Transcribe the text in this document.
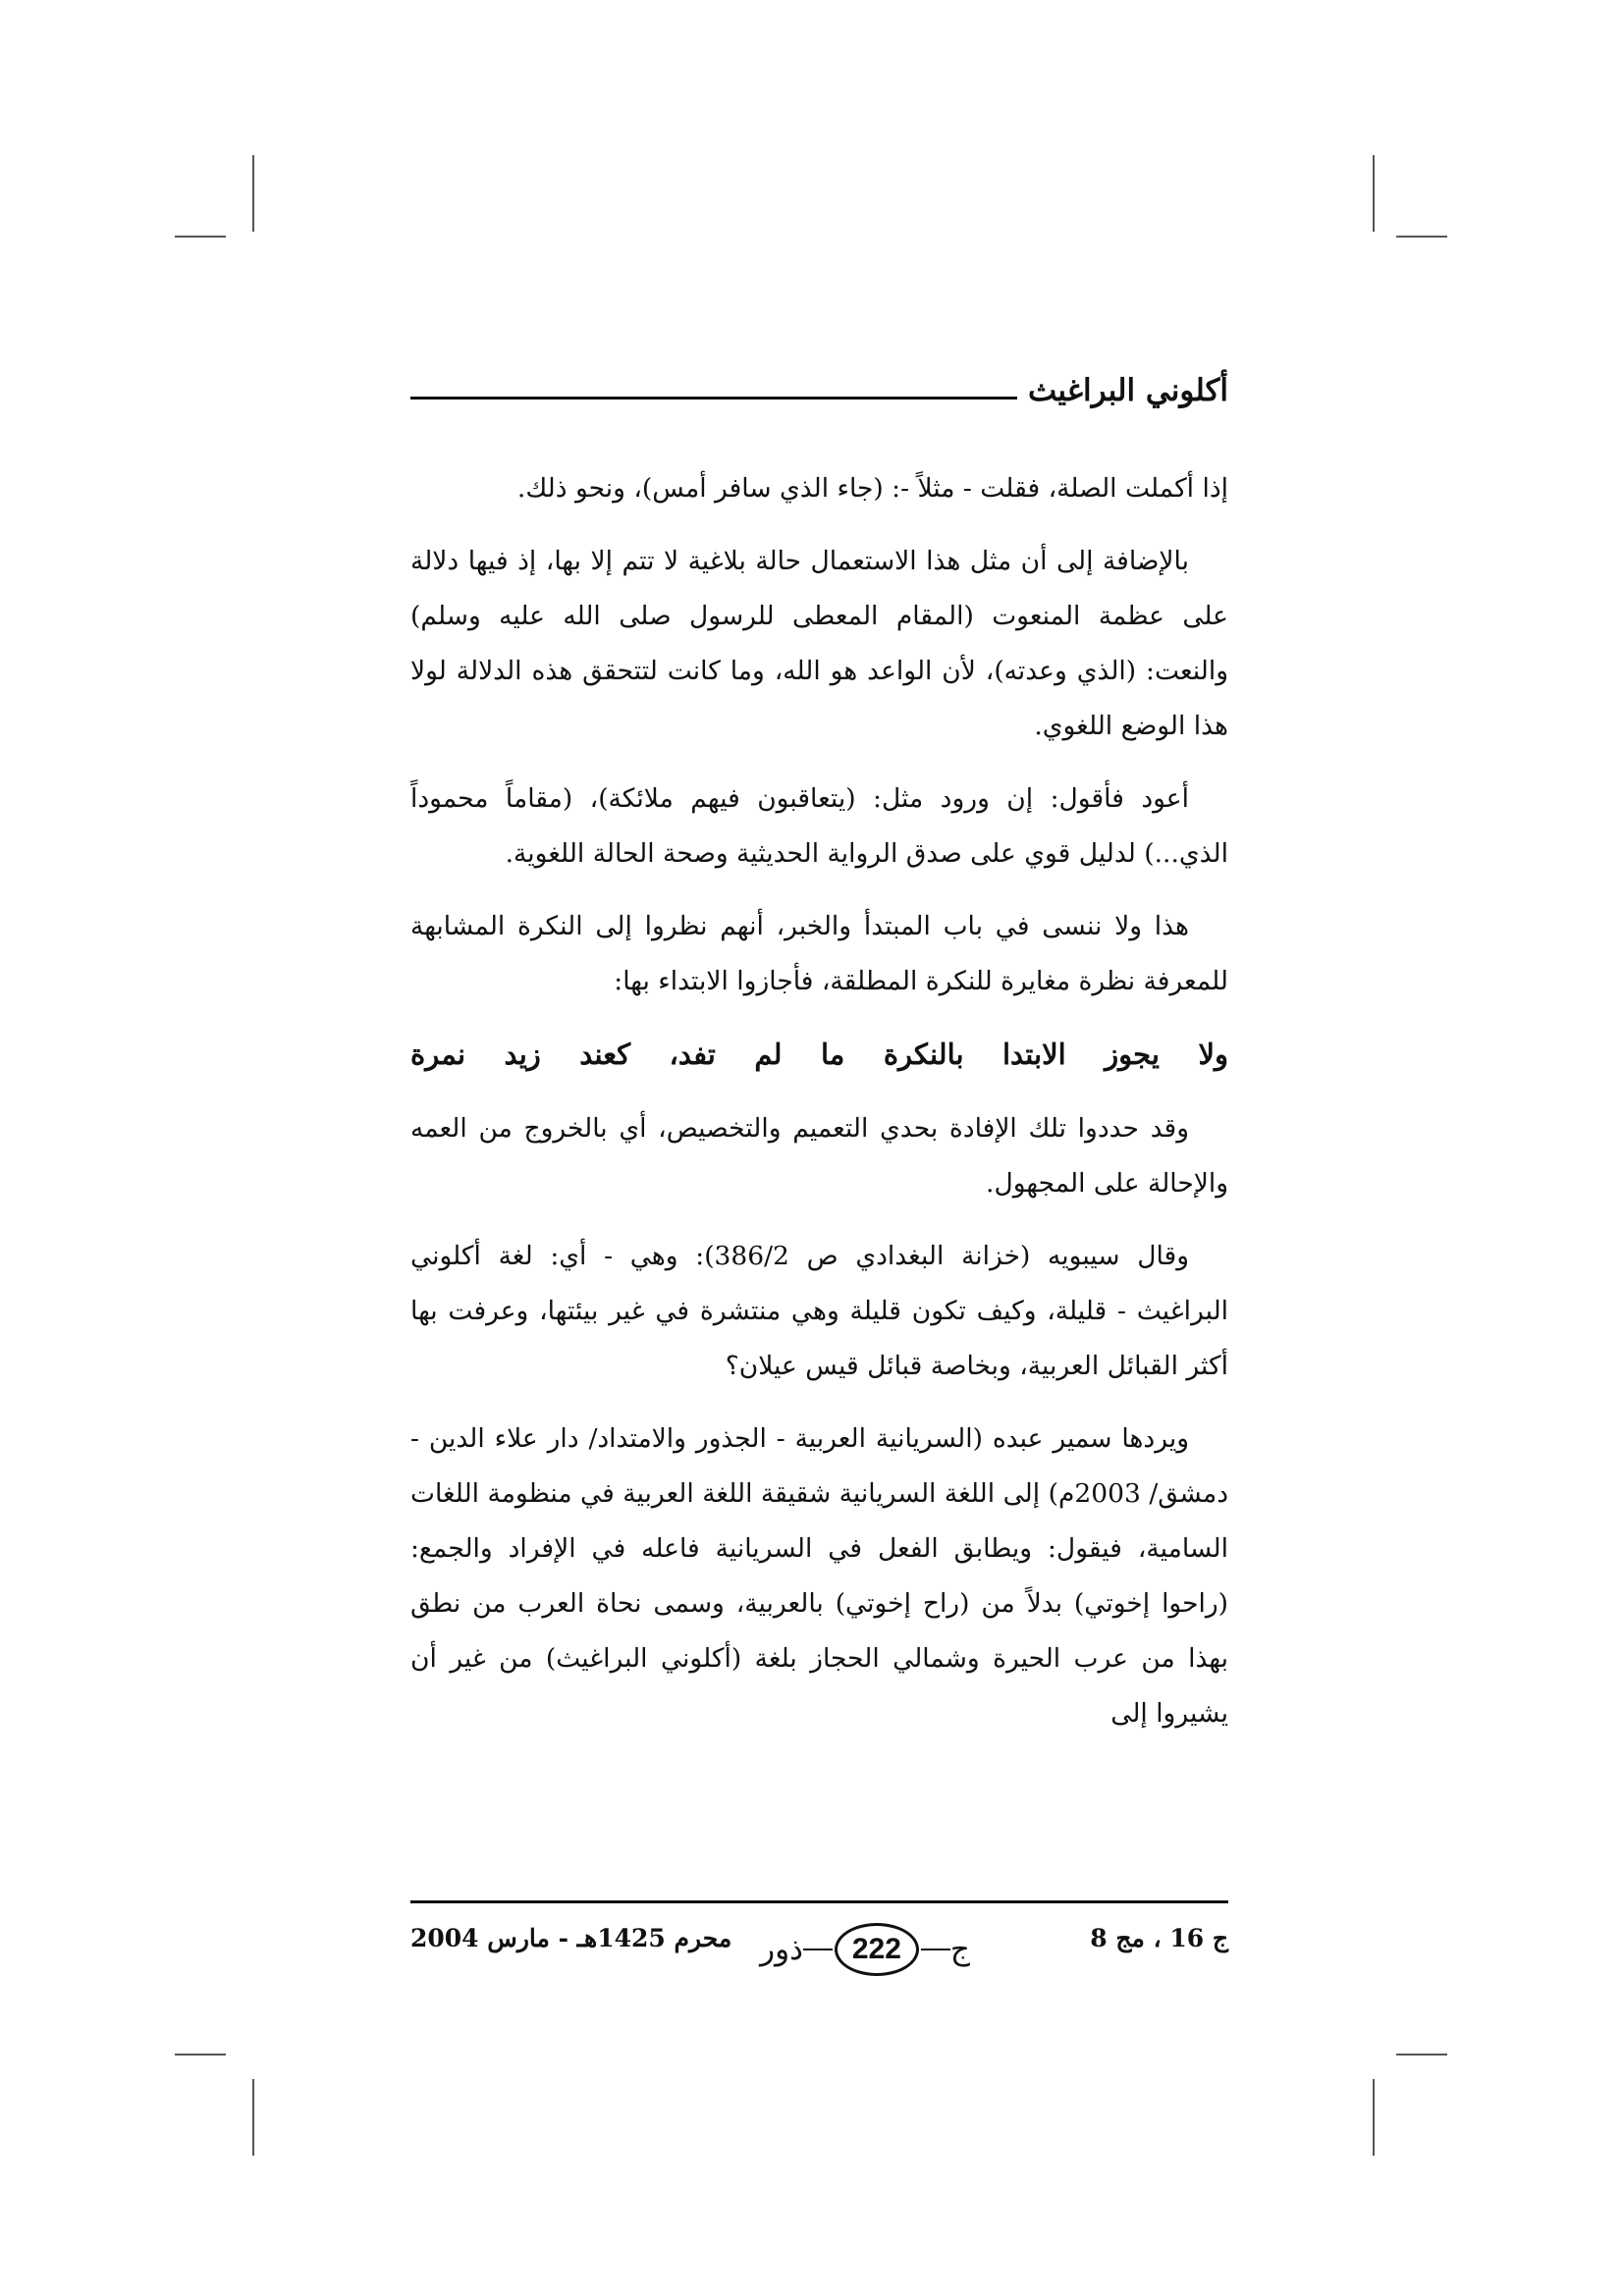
أكلوني البراغيث

إذا أكملت الصلة، فقلت - مثلاً -: (جاء الذي سافر أمس)، ونحو ذلك.

بالإضافة إلى أن مثل هذا الاستعمال حالة بلاغية لا تتم إلا بها، إذ فيها دلالة على عظمة المنعوت (المقام المعطى للرسول صلى الله عليه وسلم) والنعت: (الذي وعدته)، لأن الواعد هو الله، وما كانت لتتحقق هذه الدلالة لولا هذا الوضع اللغوي.

أعود فأقول: إن ورود مثل: (يتعاقبون فيهم ملائكة)، (مقاماً محموداً الذي...) لدليل قوي على صدق الرواية الحديثية وصحة الحالة اللغوية.

هذا ولا ننسى في باب المبتدأ والخبر، أنهم نظروا إلى النكرة المشابهة للمعرفة نظرة مغايرة للنكرة المطلقة، فأجازوا الابتداء بها:

ولا يجوز الابتدا بالنكرة ما لم تفد، كعند زيد نمرة

وقد حددوا تلك الإفادة بحدي التعميم والتخصيص، أي بالخروج من العمه والإحالة على المجهول.

وقال سيبويه (خزانة البغدادي ص 386/2): وهي - أي: لغة أكلوني البراغيث - قليلة، وكيف تكون قليلة وهي منتشرة في غير بيئتها، وعرفت بها أكثر القبائل العربية، وبخاصة قبائل قيس عيلان؟

ويردها سمير عبده (السريانية العربية - الجذور والامتداد/ دار علاء الدين - دمشق/ 2003م) إلى اللغة السريانية شقيقة اللغة العربية في منظومة اللغات السامية، فيقول: ويطابق الفعل في السريانية فاعله في الإفراد والجمع: (راحوا إخوتي) بدلاً من (راح إخوتي) بالعربية، وسمى نحاة العرب من نطق بهذا من عرب الحيرة وشمالي الحجاز بلغة (أكلوني البراغيث) من غير أن يشيروا إلى

ج 16 ، مج 8
ج
222
ذور
محرم 1425هـ - مارس 2004
